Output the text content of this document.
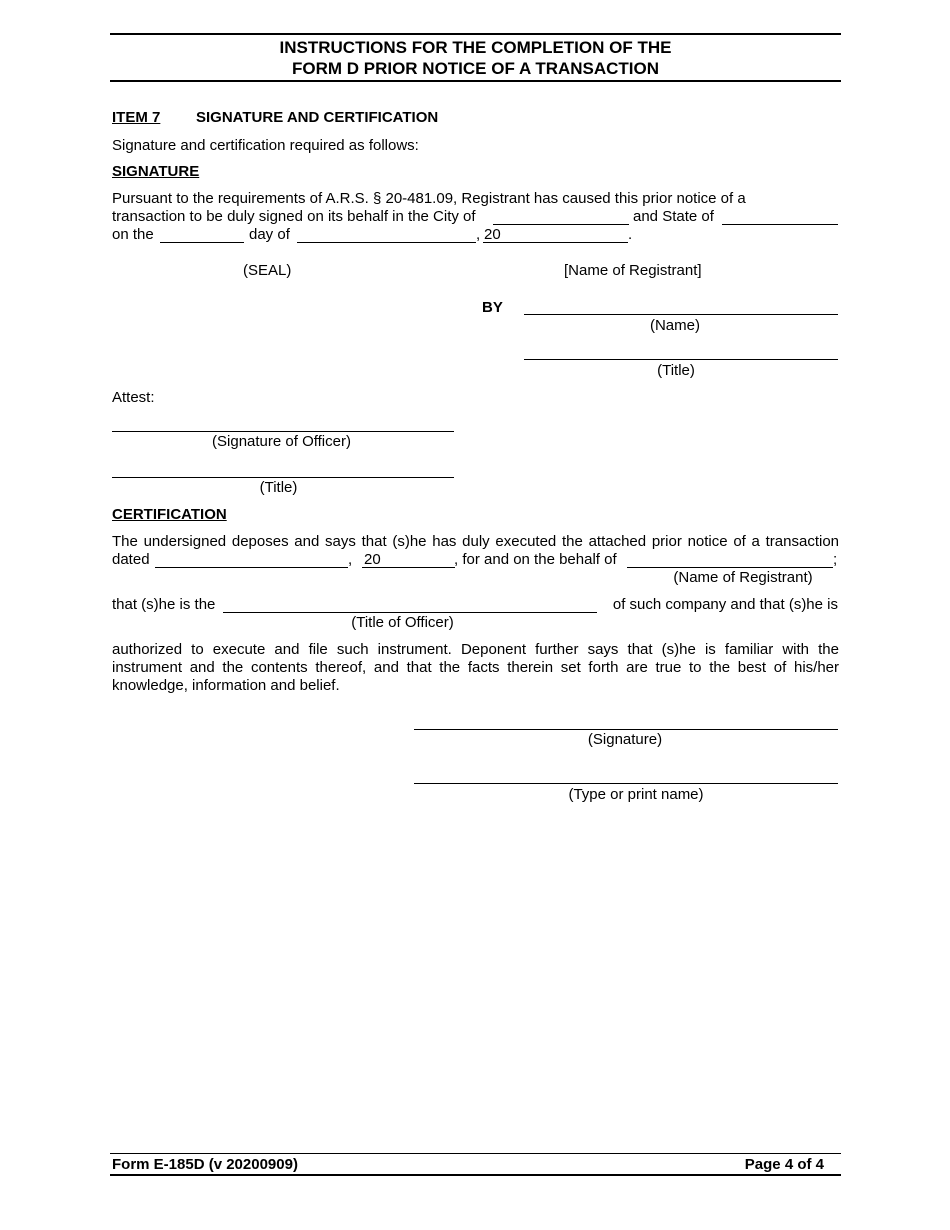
INSTRUCTIONS FOR THE COMPLETION OF THE
FORM D PRIOR NOTICE OF A TRANSACTION
ITEM 7 SIGNATURE AND CERTIFICATION
Signature and certification required as follows:
SIGNATURE
Pursuant to the requirements of A.R.S. § 20-481.09, Registrant has caused this prior notice of a
transaction to be duly signed on its behalf in the City of	and State of
on the	day of	, 20	.
(SEAL)	[Name of Registrant]
BY
(Name)
(Title)
Attest:
(Signature of Officer)
(Title)
CERTIFICATION
The undersigned deposes and says that (s)he has duly executed the attached prior notice of a transaction
dated	, 20	, for and on the behalf of	;
(Name of Registrant)
that (s)he is the	of such company and that (s)he is
(Title of Officer)
authorized to execute and file such instrument. Deponent further says that (s)he is familiar with the
instrument and the contents thereof, and that the facts therein set forth are true to the best of his/her
knowledge, information and belief.
(Signature)
(Type or print name)
Form E-185D (v 20200909)	Page 4 of 4
